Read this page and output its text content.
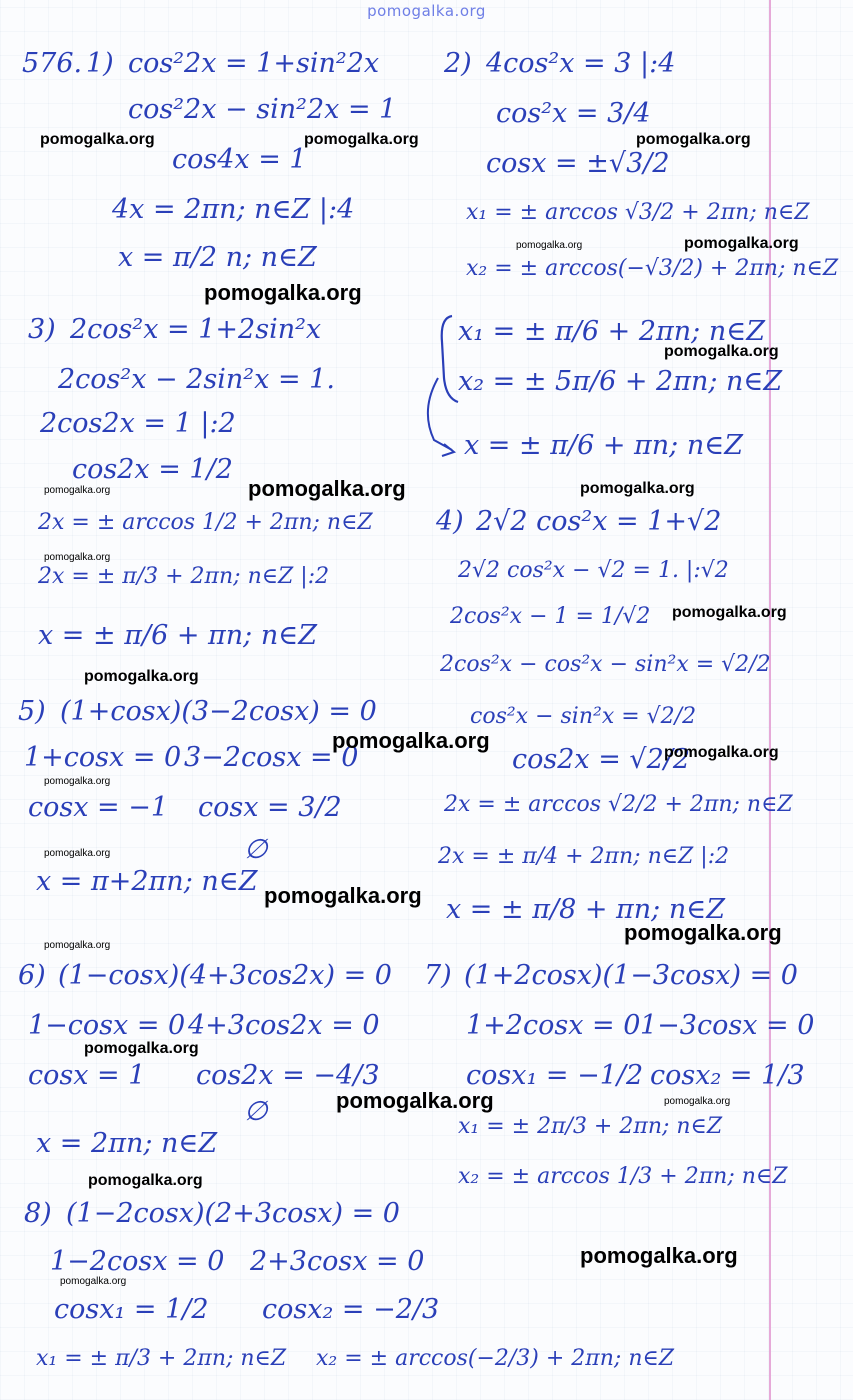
pomogalka.org
576. 1) cos²2x = 1+sin²2x
cos²2x − sin²2x = 1
cos4x = 1
4x = 2πn; n∈Z |:4
x = π/2 n; n∈Z
2) 4cos²x = 3 |:4
cos²x = 3/4
cosx = ±√3/2
x₁ = ± arccos √3/2 + 2πn; n∈Z
x₂ = ± arccos(−√3/2) + 2πn; n∈Z
x₁ = ± π/6 + 2πn; n∈Z
x₂ = ± 5π/6 + 2πn; n∈Z
x = ± π/6 + πn; n∈Z
3) 2cos²x = 1+2sin²x
2cos²x − 2sin²x = 1.
2cos2x = 1 |:2
cos2x = 1/2
2x = ± arccos 1/2 + 2πn; n∈Z
2x = ± π/3 + 2πn; n∈Z |:2
x = ± π/6 + πn; n∈Z
4) 2√2 cos²x = 1+√2
2√2 cos²x − √2 = 1. |:√2
2cos²x − 1 = 1/√2
2cos²x − cos²x − sin²x = √2/2
cos²x − sin²x = √2/2
cos2x = √2/2
2x = ± arccos √2/2 + 2πn; n∈Z
2x = ± π/4 + 2πn; n∈Z |:2
x = ± π/8 + πn; n∈Z
5) (1+cosx)(3−2cosx) = 0
1+cosx = 0 3−2cosx = 0
cosx = −1 cosx = 3/2
∅
x = π+2πn; n∈Z
6) (1−cosx)(4+3cos2x) = 0
1−cosx = 0 4+3cos2x = 0
cosx = 1 cos2x = −4/3
∅
x = 2πn; n∈Z
7) (1+2cosx)(1−3cosx) = 0
1+2cosx = 0 1−3cosx = 0
cosx₁ = −1/2 cosx₂ = 1/3
x₁ = ± 2π/3 + 2πn; n∈Z
x₂ = ± arccos 1/3 + 2πn; n∈Z
8) (1−2cosx)(2+3cosx) = 0
1−2cosx = 0 2+3cosx = 0
cosx₁ = 1/2 cosx₂ = −2/3
x₁ = ± π/3 + 2πn; n∈Z x₂ = ± arccos(−2/3) + 2πn; n∈Z
pomogalka.org	pomogalka.org	pomogalka.org
pomogalka.org	pomogalka.org
pomogalka.org
pomogalka.org
pomogalka.org	pomogalka.org	pomogalka.org
pomogalka.org
pomogalka.org
pomogalka.org
pomogalka.org	pomogalka.org
pomogalka.org
pomogalka.org
pomogalka.org
pomogalka.org
pomogalka.org
pomogalka.org
pomogalka.org	pomogalka.org
pomogalka.org
pomogalka.org
pomogalka.org
